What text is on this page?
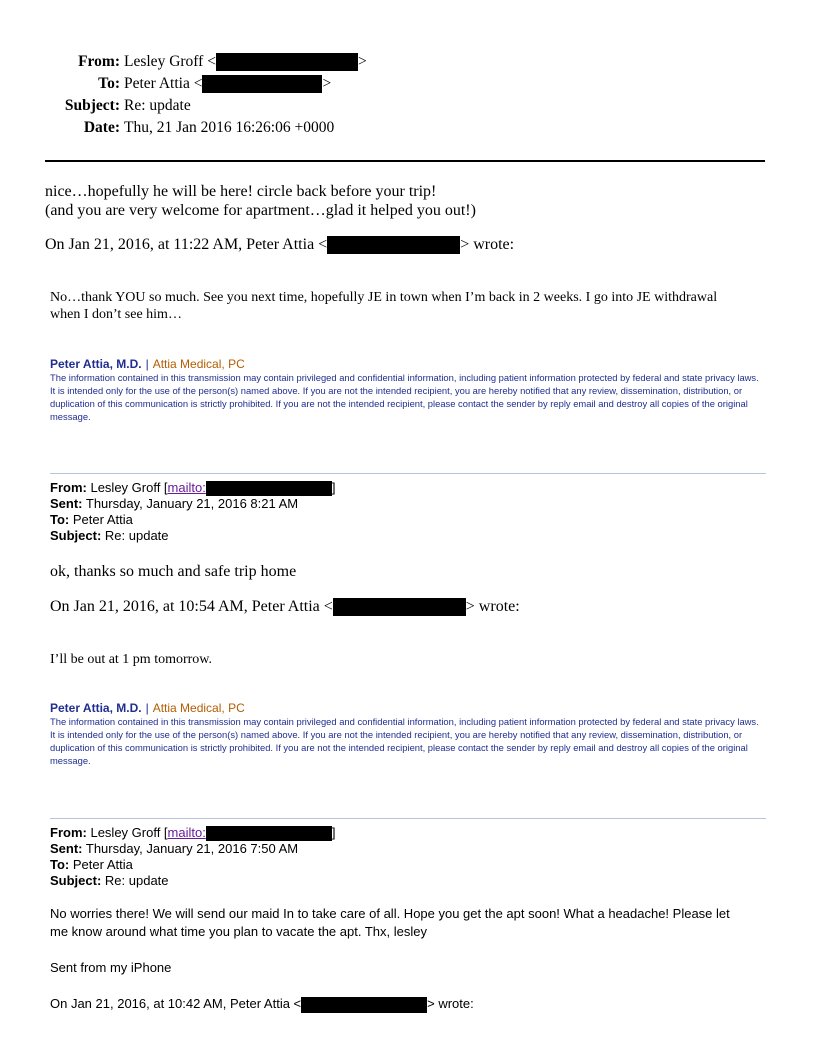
From: Lesley Groff <	>
To: Peter Attia <	>
Subject: Re: update
Date: Thu, 21 Jan 2016 16:26:06 +0000
nice…hopefully he will be here! circle back before your trip!
(and you are very welcome for apartment…glad it helped you out!)
On Jan 21, 2016, at 11:22 AM, Peter Attia <	> wrote:
No…thank YOU so much. See you next time, hopefully JE in town when I’m back in 2 weeks. I go into JE withdrawal
when I don’t see him…
Peter Attia, M.D. | Attia Medical, PC
The information contained in this transmission may contain privileged and confidential information, including patient information protected by federal and state privacy laws. It is intended only for the use of the person(s) named above. If you are not the intended recipient, you are hereby notified that any review, dissemination, distribution, or duplication of this communication is strictly prohibited. If you are not the intended recipient, please contact the sender by reply email and destroy all copies of the original message.
From: Lesley Groff [mailto:	]
Sent: Thursday, January 21, 2016 8:21 AM
To: Peter Attia
Subject: Re: update
ok, thanks so much and safe trip home
On Jan 21, 2016, at 10:54 AM, Peter Attia <	> wrote:
I’ll be out at 1 pm tomorrow.
Peter Attia, M.D. | Attia Medical, PC
The information contained in this transmission may contain privileged and confidential information, including patient information protected by federal and state privacy laws. It is intended only for the use of the person(s) named above. If you are not the intended recipient, you are hereby notified that any review, dissemination, distribution, or duplication of this communication is strictly prohibited. If you are not the intended recipient, please contact the sender by reply email and destroy all copies of the original message.
From: Lesley Groff [mailto:	]
Sent: Thursday, January 21, 2016 7:50 AM
To: Peter Attia
Subject: Re: update
No worries there! We will send our maid In to take care of all. Hope you get the apt soon! What a headache! Please let
me know around what time you plan to vacate the apt. Thx, lesley
Sent from my iPhone
On Jan 21, 2016, at 10:42 AM, Peter Attia <	> wrote:
